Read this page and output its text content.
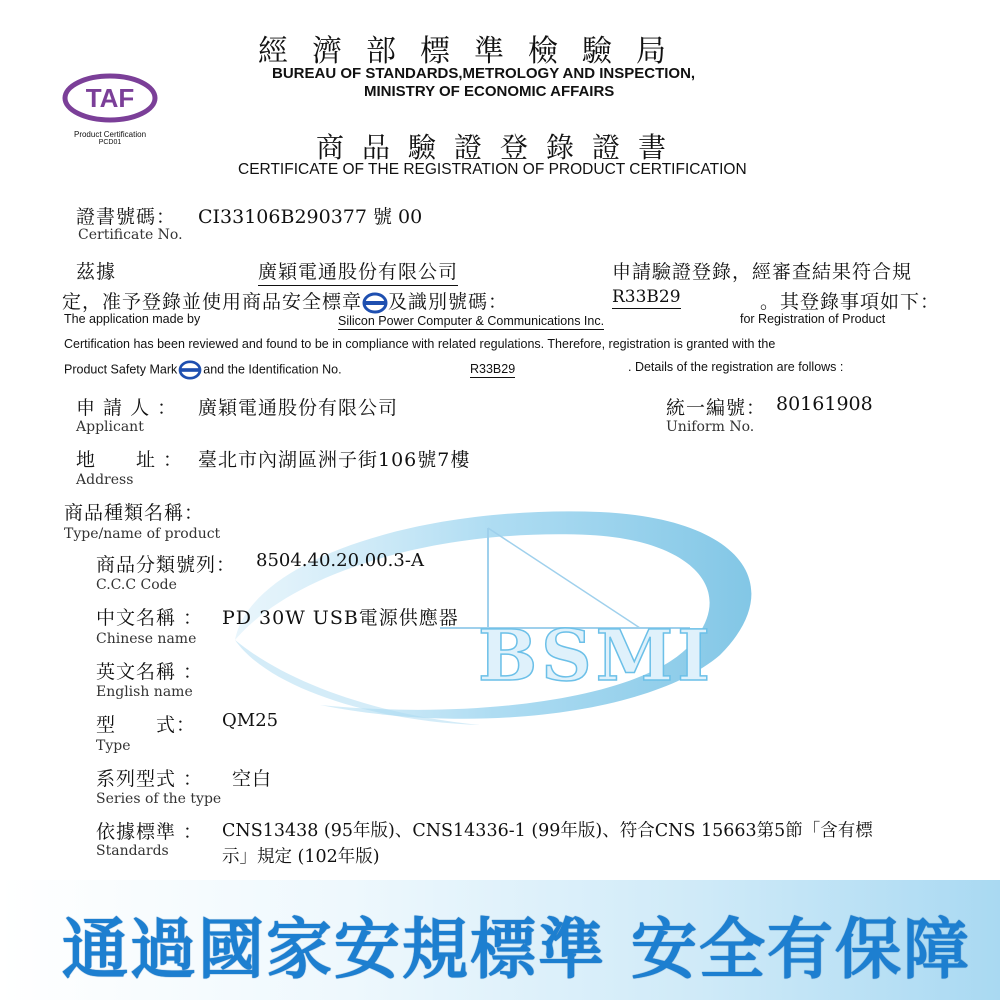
BSMI
TAF
Product Certification
PCD01
經濟部標準檢驗局
BUREAU OF STANDARDS,METROLOGY AND INSPECTION,
MINISTRY OF ECONOMIC AFFAIRS
商品驗證登錄證書
CERTIFICATE OF THE REGISTRATION OF PRODUCT CERTIFICATION
證書號碼： CI33106B290377 號 00
Certificate No.
茲據	廣穎電通股份有限公司	申請驗證登錄，經審查結果符合規
定，准予登錄並使用商品安全標章 及識別號碼：	R33B29	。其登錄事項如下：
The application made by	Silicon Power Computer & Communications Inc.	for Registration of Product
Certification has been reviewed and found to be in compliance with related regulations. Therefore, registration is granted with the
Product Safety Mark and the Identification No.	R33B29	. Details of the registration are follows :
申 請 人 ： 廣穎電通股份有限公司
Applicant
統一編號： 80161908
Uniform No.
地　　址 ： 臺北市內湖區洲子街106號7樓
Address
商品種類名稱：
Type/name of product
商品分類號列： 8504.40.20.00.3-A
C.C.C Code
中文名稱 ： PD 30W USB電源供應器
Chinese name
英文名稱 ：
English name
型　　式： QM25
Type
系列型式 ： 空白
Series of the type
依據標準 ：
Standards
CNS13438 (95年版)、CNS14336-1 (99年版)、符合CNS 15663第5節「含有標
示」規定 (102年版)
通過國家安規標準 安全有保障
